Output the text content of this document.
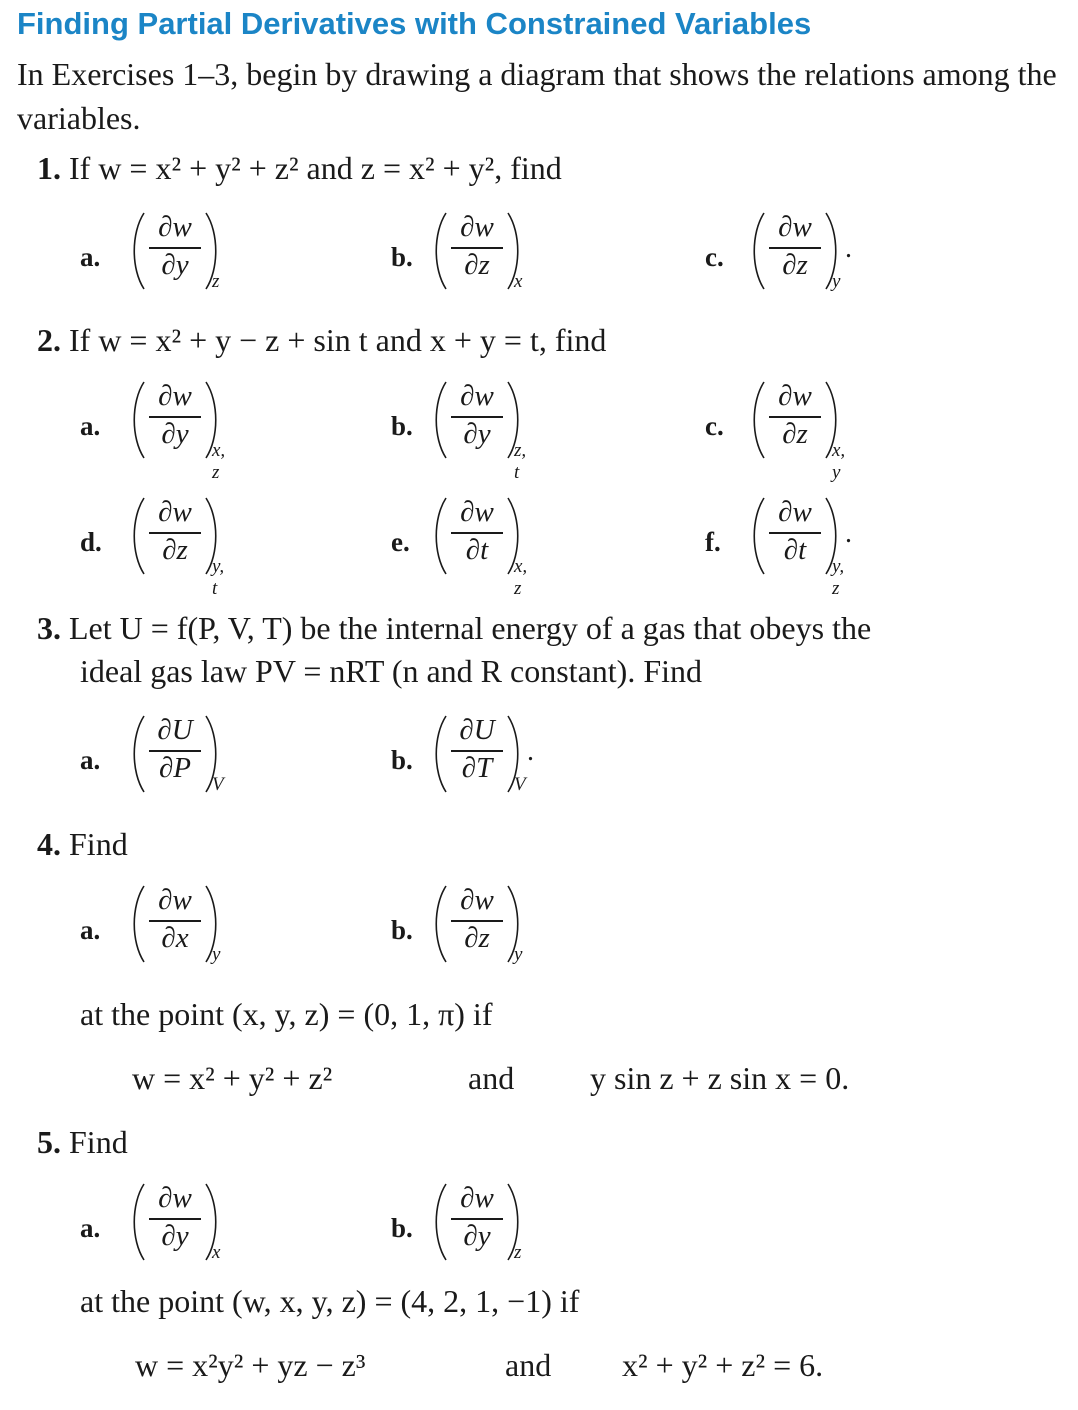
Finding Partial Derivatives with Constrained Variables
In Exercises 1–3, begin by drawing a diagram that shows the relations among the variables.
1. If w = x² + y² + z² and z = x² + y², find
2. If w = x² + y − z + sin t and x + y = t, find
3. Let U = f(P, V, T) be the internal energy of a gas that obeys the
ideal gas law PV = nRT (n and R constant). Find
4. Find
at the point (x, y, z) = (0, 1, π) if
w = x² + y² + z²	and y sin z + z sin x = 0.
5. Find
at the point (w, x, y, z) = (4, 2, 1, −1) if
w = x²y² + yz − z³	and x² + y² + z² = 6.
a.
∂w
∂y
z
b.
∂w
∂z
x
c.
∂w
∂z
y
.
a.
∂w
∂y
x, z
b.
∂w
∂y
z, t
c.
∂w
∂z
x, y
d.
∂w
∂z
y, t
e.
∂w
∂t
x, z
f.
∂w
∂t
y, z
.
a.
∂U
∂P
V
b.
∂U
∂T
V
.
a.
∂w
∂x
y
b.
∂w
∂z
y
a.
∂w
∂y
x
b.
∂w
∂y
z
